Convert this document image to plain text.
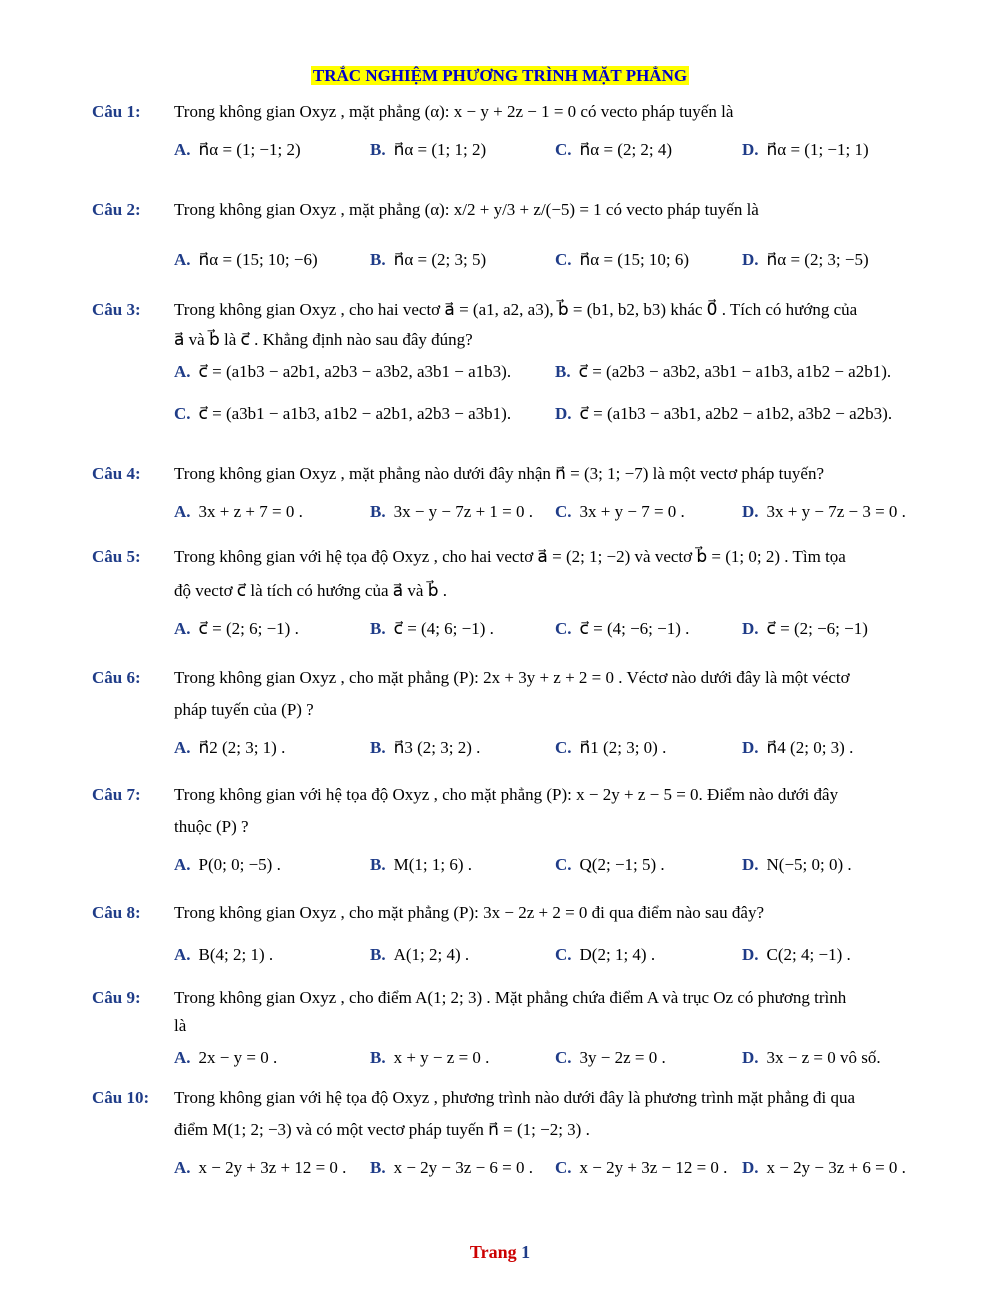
TRẮC NGHIỆM PHƯƠNG TRÌNH MẶT PHẲNG
Câu 1:	Trong không gian Oxyz , mặt phẳng (α): x − y + 2z − 1 = 0 có vecto pháp tuyến là
A. n⃗α = (1; −1; 2)	B. n⃗α = (1; 1; 2)	C. n⃗α = (2; 2; 4)	D. n⃗α = (1; −1; 1)
Câu 2:	Trong không gian Oxyz , mặt phẳng (α): x/2 + y/3 + z/(−5) = 1 có vecto pháp tuyến là
A. n⃗α = (15; 10; −6)	B. n⃗α = (2; 3; 5)	C. n⃗α = (15; 10; 6)	D. n⃗α = (2; 3; −5)
Câu 3:	Trong không gian Oxyz , cho hai vectơ a⃗ = (a1, a2, a3), b⃗ = (b1, b2, b3) khác 0⃗ . Tích có hướng của
a⃗ và b⃗ là c⃗ . Khẳng định nào sau đây đúng?
A. c⃗ = (a1b3 − a2b1, a2b3 − a3b2, a3b1 − a1b3).	B. c⃗ = (a2b3 − a3b2, a3b1 − a1b3, a1b2 − a2b1).
C. c⃗ = (a3b1 − a1b3, a1b2 − a2b1, a2b3 − a3b1).	D. c⃗ = (a1b3 − a3b1, a2b2 − a1b2, a3b2 − a2b3).
Câu 4:	Trong không gian Oxyz , mặt phẳng nào dưới đây nhận n⃗ = (3; 1; −7) là một vectơ pháp tuyến?
A. 3x + z + 7 = 0 .	B. 3x − y − 7z + 1 = 0 . C. 3x + y − 7 = 0 .	D. 3x + y − 7z − 3 = 0 .
Câu 5:	Trong không gian với hệ tọa độ Oxyz , cho hai vectơ a⃗ = (2; 1; −2) và vectơ b⃗ = (1; 0; 2) . Tìm tọa
độ vectơ c⃗ là tích có hướng của a⃗ và b⃗ .
A. c⃗ = (2; 6; −1) .	B. c⃗ = (4; 6; −1) .	C. c⃗ = (4; −6; −1) .	D. c⃗ = (2; −6; −1)
Câu 6:	Trong không gian Oxyz , cho mặt phẳng (P): 2x + 3y + z + 2 = 0 . Véctơ nào dưới đây là một véctơ
pháp tuyến của (P) ?
A. n⃗2 (2; 3; 1) .	B. n⃗3 (2; 3; 2) .	C. n⃗1 (2; 3; 0) .	D. n⃗4 (2; 0; 3) .
Câu 7:	Trong không gian với hệ tọa độ Oxyz , cho mặt phẳng (P): x − 2y + z − 5 = 0. Điểm nào dưới đây
thuộc (P) ?
A. P(0; 0; −5) .	B. M(1; 1; 6) .	C. Q(2; −1; 5) .	D. N(−5; 0; 0) .
Câu 8:	Trong không gian Oxyz , cho mặt phẳng (P): 3x − 2z + 2 = 0 đi qua điểm nào sau đây?
A. B(4; 2; 1) .	B. A(1; 2; 4) .	C. D(2; 1; 4) .	D. C(2; 4; −1) .
Câu 9:	Trong không gian Oxyz , cho điểm A(1; 2; 3) . Mặt phẳng chứa điểm A và trục Oz có phương trình
là
A. 2x − y = 0 .	B. x + y − z = 0 .	C. 3y − 2z = 0 .	D. 3x − z = 0 vô số.
Câu 10:	Trong không gian với hệ tọa độ Oxyz , phương trình nào dưới đây là phương trình mặt phẳng đi qua
điểm M(1; 2; −3) và có một vectơ pháp tuyến n⃗ = (1; −2; 3) .
A. x − 2y + 3z + 12 = 0 . B. x − 2y − 3z − 6 = 0 . C. x − 2y + 3z − 12 = 0 . D. x − 2y − 3z + 6 = 0 .
Trang 1
